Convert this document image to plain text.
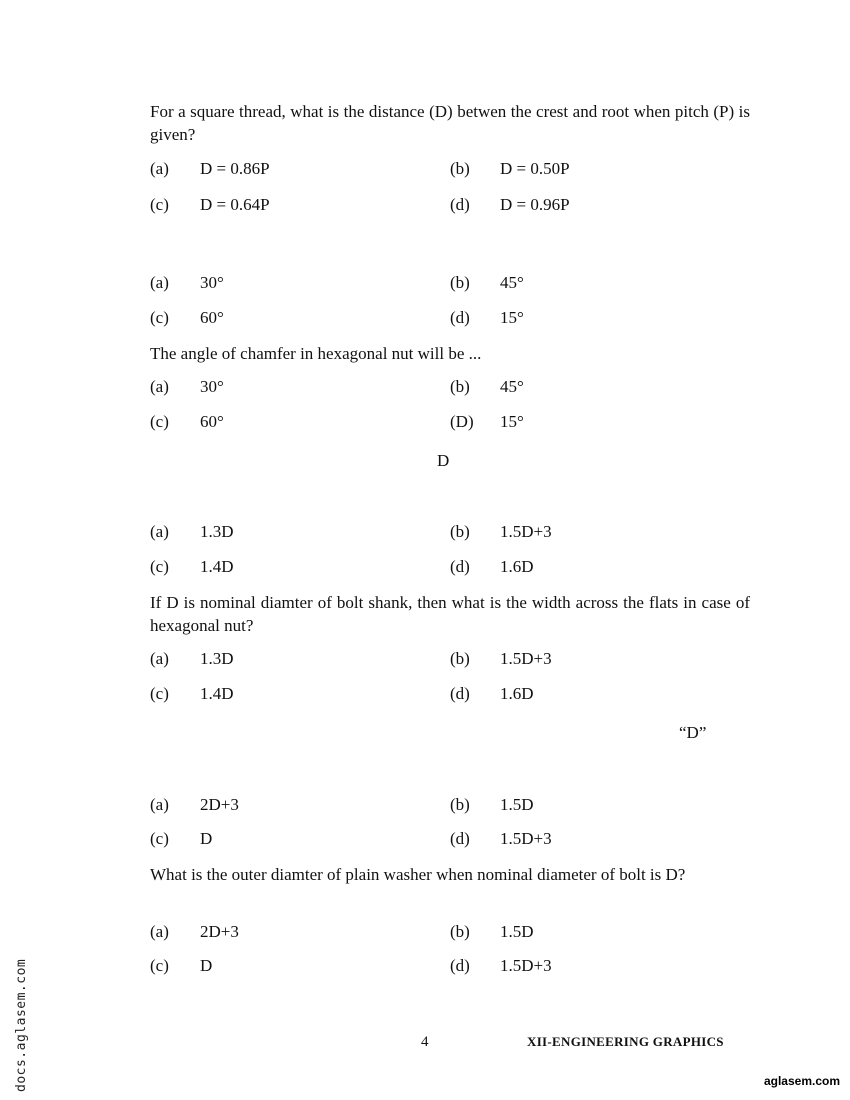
For a square thread, what is the distance (D) betwen the crest and root when pitch (P) is given?
(a) D = 0.86P	(b) D = 0.50P
(c) D = 0.64P	(d) D = 0.96P
(a) 30°	(b) 45°
(c) 60°	(d) 15°
The angle of chamfer in hexagonal nut will be ...
(a) 30°	(b) 45°
(c) 60°	(D) 15°
D
(a) 1.3D	(b) 1.5D+3
(c) 1.4D	(d) 1.6D
If D is nominal diamter of bolt shank, then what is the width across the flats in case of hexagonal nut?
(a) 1.3D	(b) 1.5D+3
(c) 1.4D	(d) 1.6D
“D”
(a) 2D+3	(b) 1.5D
(c) D	(d) 1.5D+3
What is the outer diamter of plain washer when nominal diameter of bolt is D?
(a) 2D+3	(b) 1.5D
(c) D	(d) 1.5D+3
4	XII-ENGINEERING GRAPHICS
docs.aglasem.com	aglasem.com
